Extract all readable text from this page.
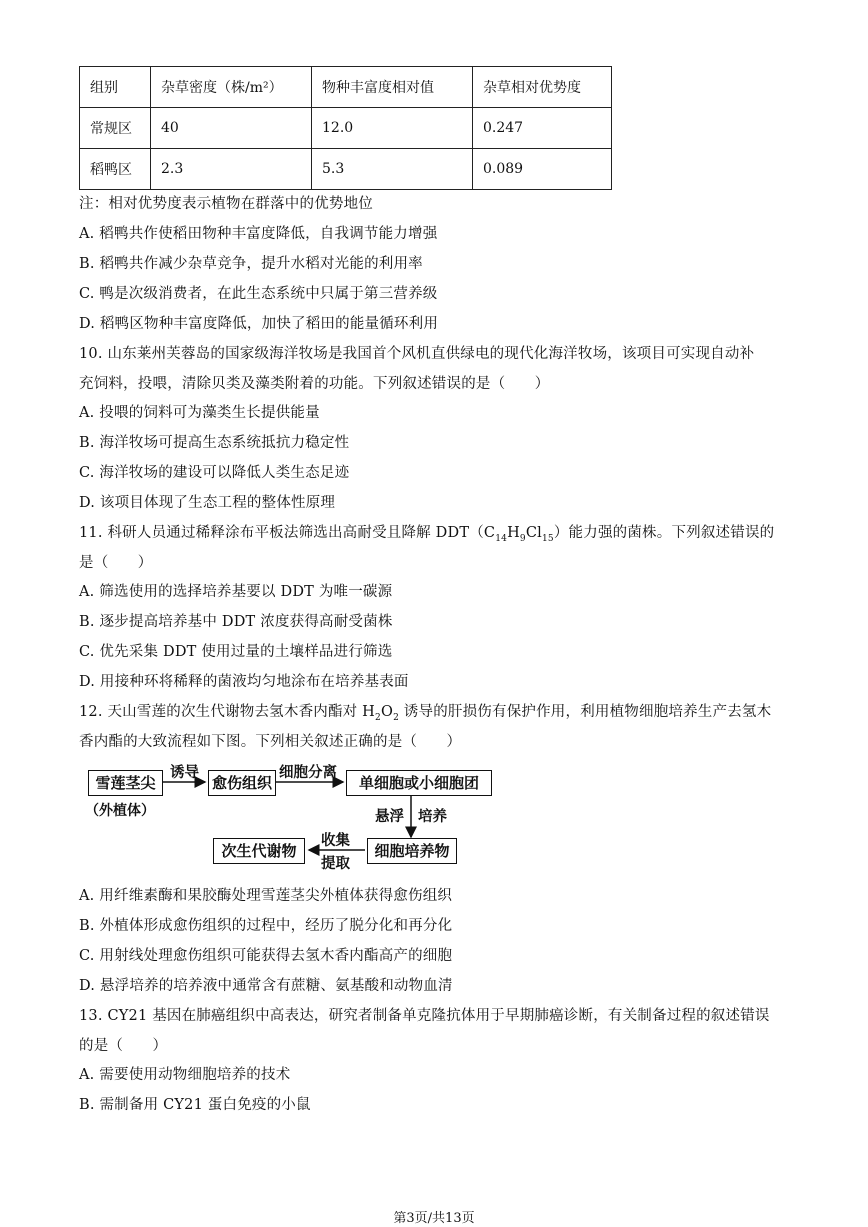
组别	杂草密度（株/m²）	物种丰富度相对值	杂草相对优势度
常规区	40	12.0	0.247
稻鸭区	2.3	5.3	0.089
注：相对优势度表示植物在群落中的优势地位
A. 稻鸭共作使稻田物种丰富度降低，自我调节能力增强
B. 稻鸭共作减少杂草竞争，提升水稻对光能的利用率
C. 鸭是次级消费者，在此生态系统中只属于第三营养级
D. 稻鸭区物种丰富度降低，加快了稻田的能量循环利用
10. 山东莱州芙蓉岛的国家级海洋牧场是我国首个风机直供绿电的现代化海洋牧场，该项目可实现自动补
充饲料，投喂，清除贝类及藻类附着的功能。下列叙述错误的是（　　）
A. 投喂的饲料可为藻类生长提供能量
B. 海洋牧场可提高生态系统抵抗力稳定性
C. 海洋牧场的建设可以降低人类生态足迹
D. 该项目体现了生态工程的整体性原理
11. 科研人员通过稀释涂布平板法筛选出高耐受且降解 $DDT(C_{14}H_9Cl_{15})$能力强的菌株。下列叙述错误的
是（　　）
A. 筛选使用的选择培养基要以 DDT 为唯一碳源
B. 逐步提高培养基中 DDT 浓度获得高耐受菌株
C. 优先采集 DDT 使用过量的土壤样品进行筛选
D. 用接种环将稀释的菌液均匀地涂布在培养基表面
12. 天山雪莲的次生代谢物去氢木香内酯对 $H_2O_2$ 诱导的肝损伤有保护作用，利用植物细胞培养生产去氢木
香内酯的大致流程如下图。下列相关叙述正确的是（　　）
雪莲茎尖
（外植体）
诱导
愈伤组织
细胞分离
单细胞或小细胞团
悬浮 培养
细胞培养物
收集
提取
次生代谢物
A. 用纤维素酶和果胶酶处理雪莲茎尖外植体获得愈伤组织
B. 外植体形成愈伤组织的过程中，经历了脱分化和再分化
C. 用射线处理愈伤组织可能获得去氢木香内酯高产的细胞
D. 悬浮培养的培养液中通常含有蔗糖、氨基酸和动物血清
13. CY21 基因在肺癌组织中高表达，研究者制备单克隆抗体用于早期肺癌诊断，有关制备过程的叙述错误
的是（　　）
A. 需要使用动物细胞培养的技术
B. 需制备用 CY21 蛋白免疫的小鼠
第3页/共13页
